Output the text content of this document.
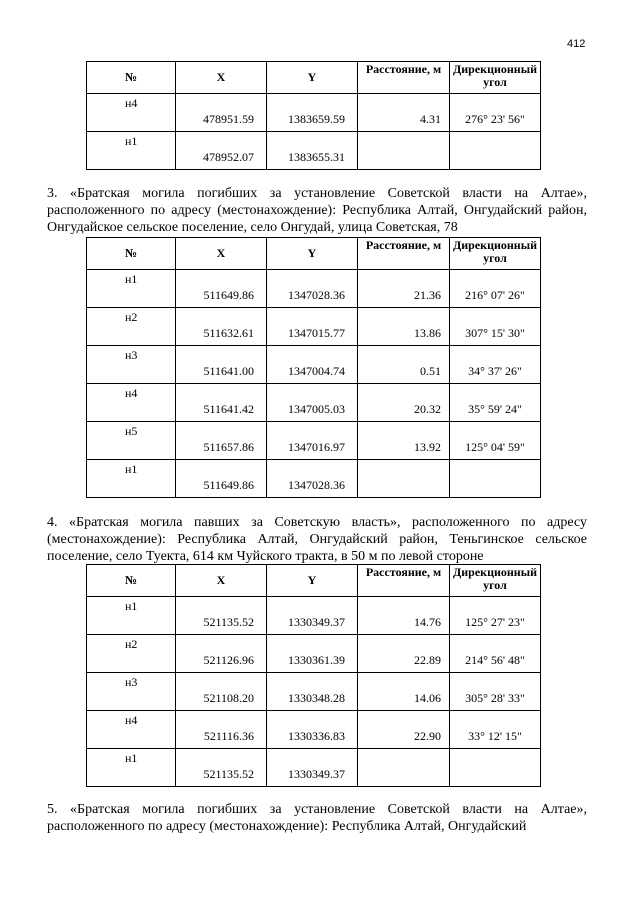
412
№	X	Y	Расстояние, м	Дирекционный угол

н4	478951.59	1383659.59	4.31	276° 23' 56"

н1	478952.07	1383655.31		

3. «Братская могила погибших за установление Советской власти на Алтае», расположенного по адресу (местонахождение): Республика Алтай, Онгудайский район, Онгудайское сельское поселение, село Онгудай, улица Советская, 78

№	X	Y	Расстояние, м	Дирекционный угол

н1	511649.86	1347028.36	21.36	216° 07' 26"

н2	511632.61	1347015.77	13.86	307° 15' 30"

н3	511641.00	1347004.74	0.51	34° 37' 26"

н4	511641.42	1347005.03	20.32	35° 59' 24"

н5	511657.86	1347016.97	13.92	125° 04' 59"

н1	511649.86	1347028.36		

4. «Братская могила павших за Советскую власть», расположенного по адресу (местонахождение): Республика Алтай, Онгудайский район, Теньгинское сельское поселение, село Туекта, 614 км Чуйского тракта, в 50 м по левой стороне

№	X	Y	Расстояние, м	Дирекционный угол

н1	521135.52	1330349.37	14.76	125° 27' 23"

н2	521126.96	1330361.39	22.89	214° 56' 48"

н3	521108.20	1330348.28	14.06	305° 28' 33"

н4	521116.36	1330336.83	22.90	33° 12' 15"

н1	521135.52	1330349.37		

5. «Братская могила погибших за установление Советской власти на Алтае», расположенного по адресу (местонахождение): Республика Алтай, Онгудайский
